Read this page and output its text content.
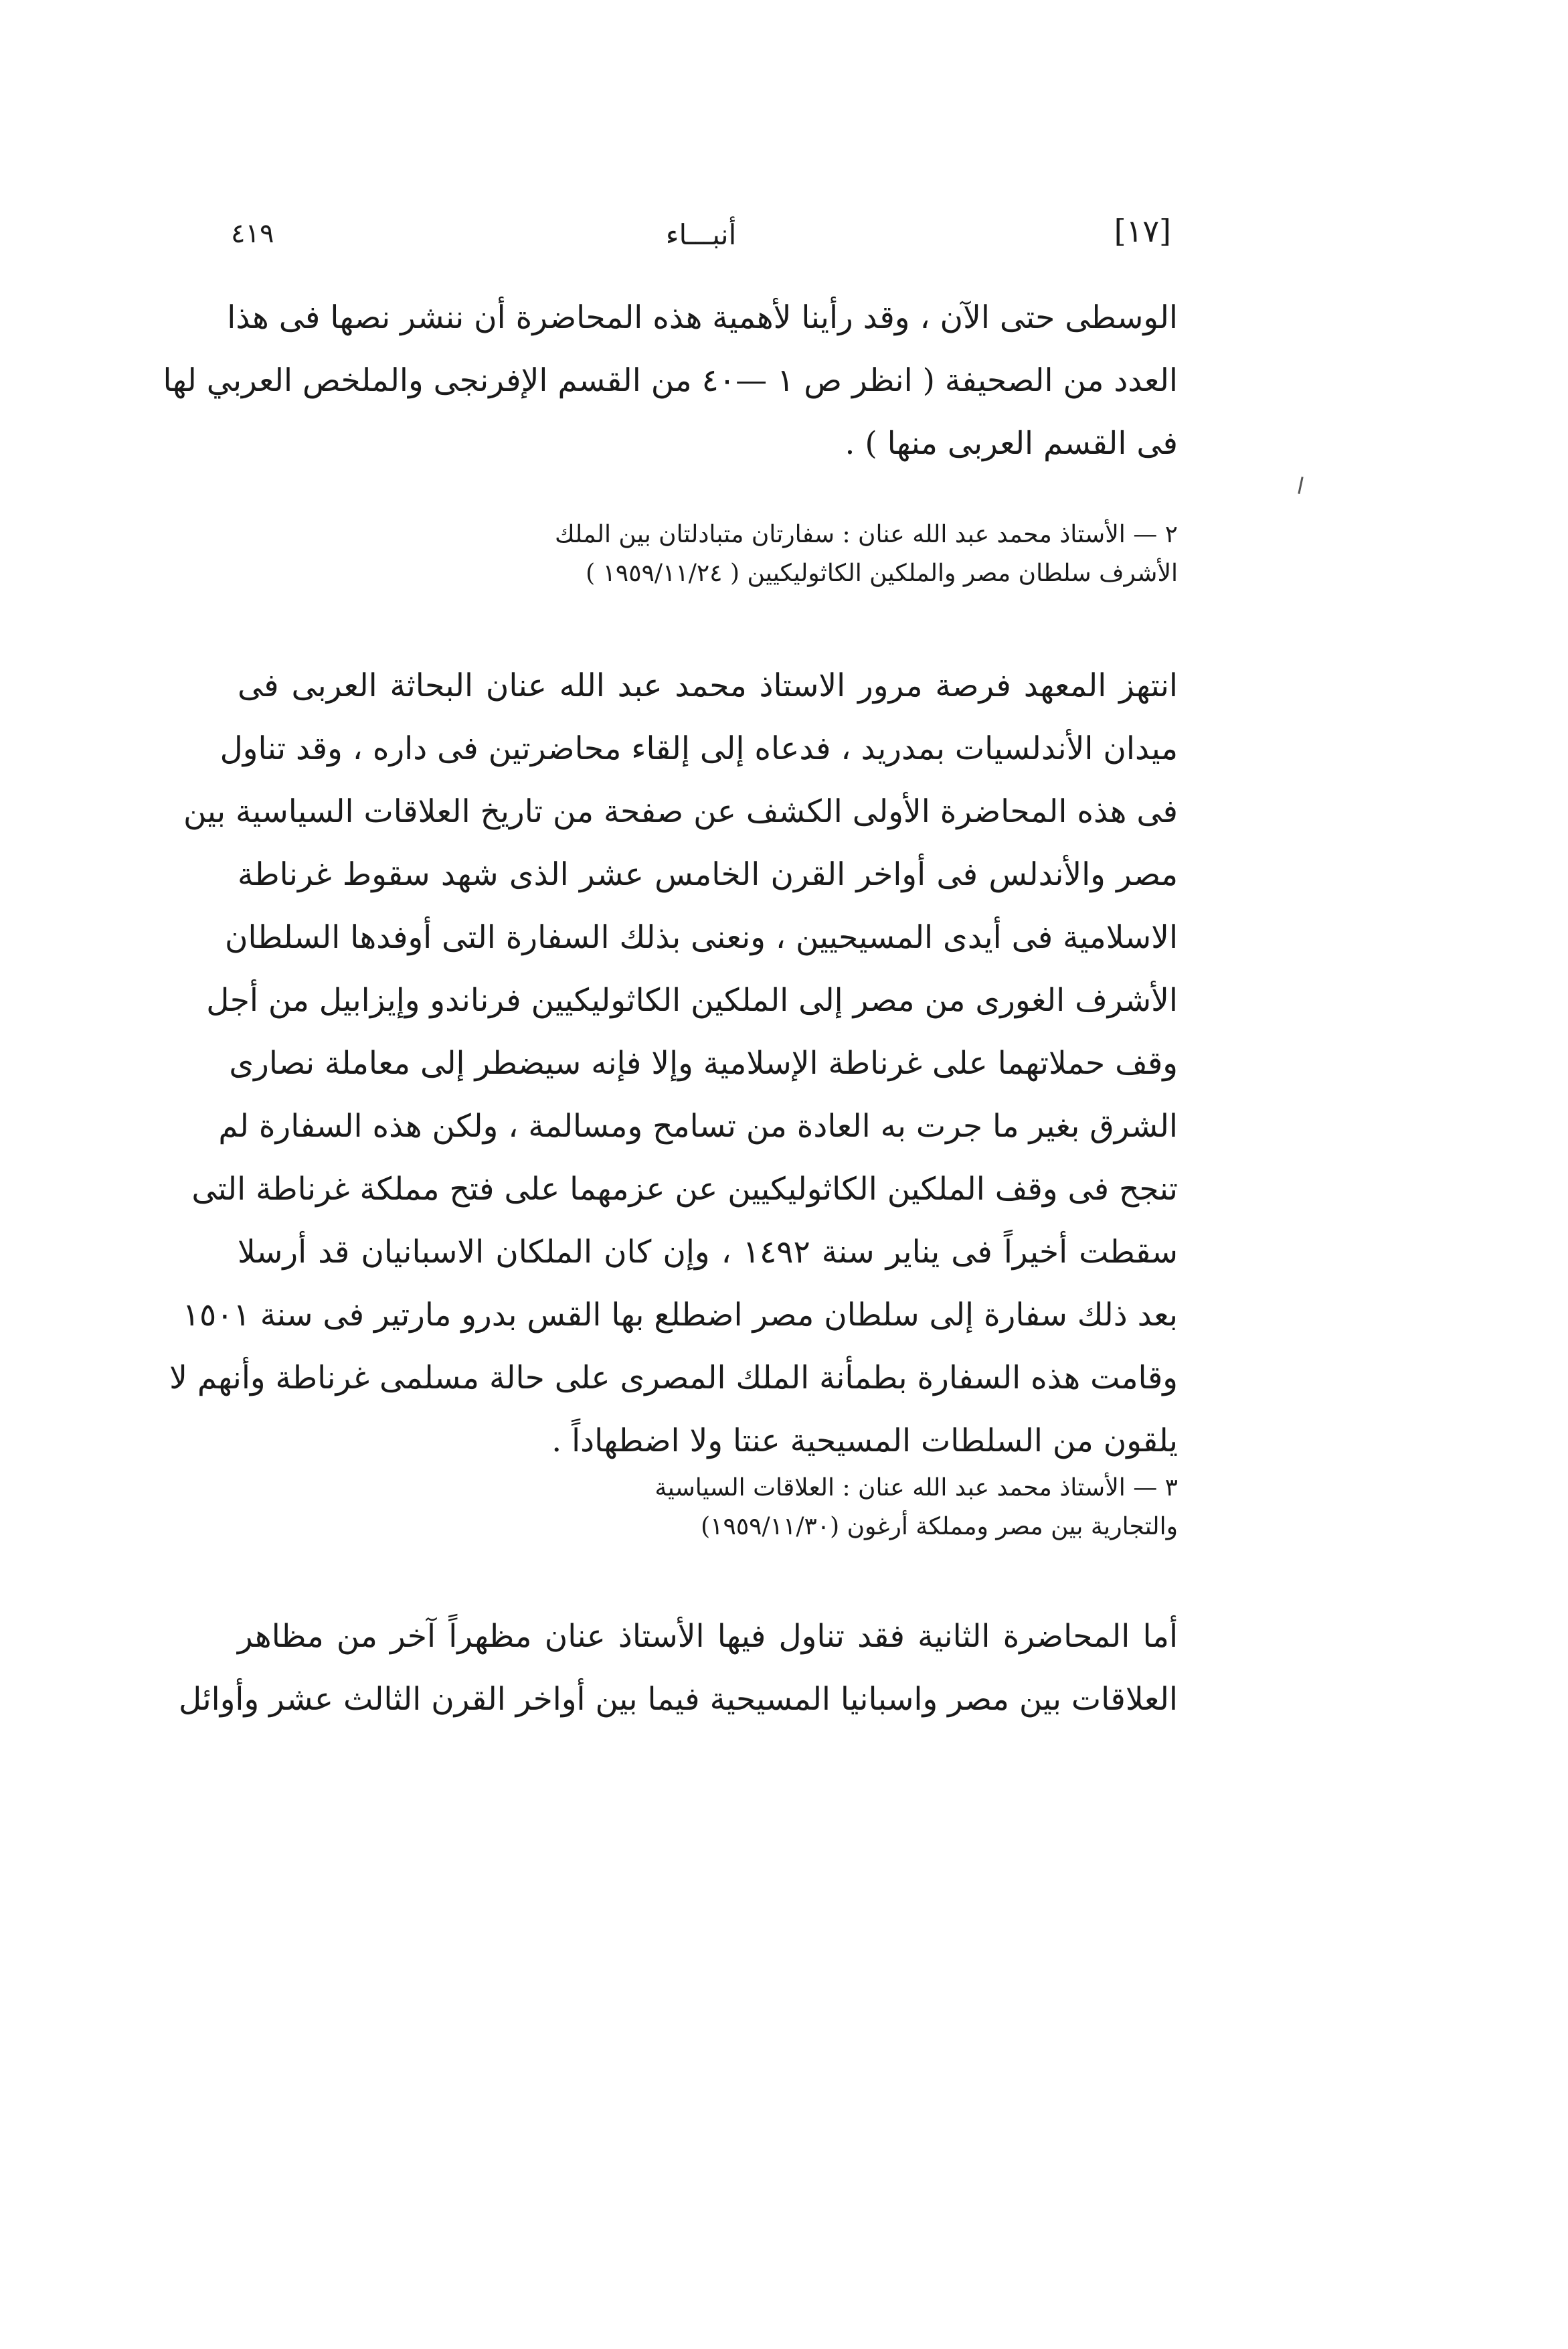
[١٧]
أنبـــاء
٤١٩
الوسطى حتى الآن ، وقد رأينا لأهمية هذه المحاضرة أن ننشر نصها فى هذا
العدد من الصحيفة ( انظر ص ١ —٤٠ من القسم الإفرنجى والملخص العربي لها
فى القسم العربى منها ) .
٢ — الأستاذ محمد عبد الله عنان : سفارتان متبادلتان بين الملك
الأشرف سلطان مصر والملكين الكاثوليكيين ( ١٩٥٩/١١/٢٤ )
انتهز المعهد فرصة مرور الاستاذ محمد عبد الله عنان البحاثة العربى فى
ميدان الأندلسيات بمدريد ، فدعاه إلى إلقاء محاضرتين فى داره ، وقد تناول
فى هذه المحاضرة الأولى الكشف عن صفحة من تاريخ العلاقات السياسية بين
مصر والأندلس فى أواخر القرن الخامس عشر الذى شهد سقوط غرناطة
الاسلامية فى أيدى المسيحيين ، ونعنى بذلك السفارة التى أوفدها السلطان
الأشرف الغورى من مصر إلى الملكين الكاثوليكيين فرناندو وإيزابيل من أجل
وقف حملاتهما على غرناطة الإسلامية وإلا فإنه سيضطر إلى معاملة نصارى
الشرق بغير ما جرت به العادة من تسامح ومسالمة ، ولكن هذه السفارة لم
تنجح فى وقف الملكين الكاثوليكيين عن عزمهما على فتح مملكة غرناطة التى
سقطت أخيراً فى يناير سنة ١٤٩٢ ، وإن كان الملكان الاسبانيان قد أرسلا
بعد ذلك سفارة إلى سلطان مصر اضطلع بها القس بدرو مارتير فى سنة ١٥٠١
وقامت هذه السفارة بطمأنة الملك المصرى على حالة مسلمى غرناطة وأنهم لا
يلقون من السلطات المسيحية عنتا ولا اضطهاداً .
٣ — الأستاذ محمد عبد الله عنان : العلاقات السياسية
والتجارية بين مصر ومملكة أرغون (١٩٥٩/١١/٣٠)
أما المحاضرة الثانية فقد تناول فيها الأستاذ عنان مظهراً آخر من مظاهر
العلاقات بين مصر واسبانيا المسيحية فيما بين أواخر القرن الثالث عشر وأوائل
